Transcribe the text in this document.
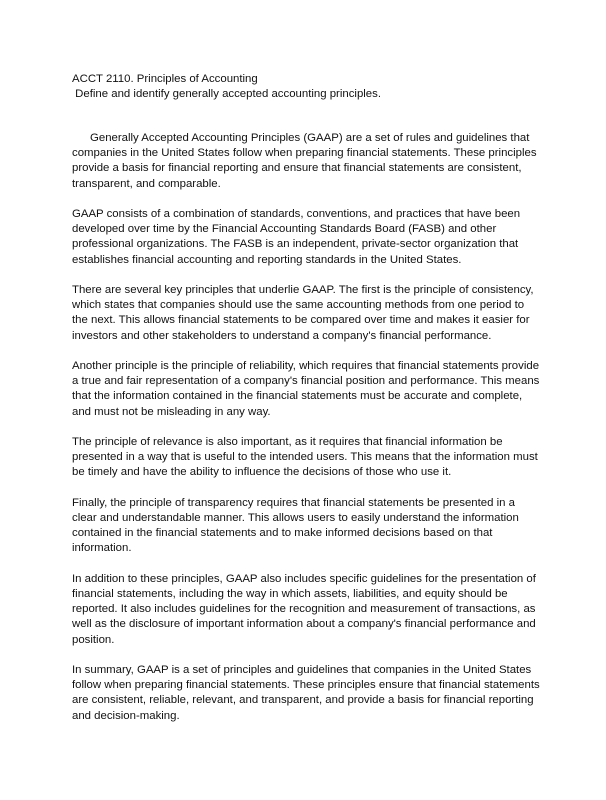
ACCT 2110. Principles of Accounting
Define and identify generally accepted accounting principles.

Generally Accepted Accounting Principles (GAAP) are a set of rules and guidelines that companies in the United States follow when preparing financial statements. These principles provide a basis for financial reporting and ensure that financial statements are consistent, transparent, and comparable.

GAAP consists of a combination of standards, conventions, and practices that have been developed over time by the Financial Accounting Standards Board (FASB) and other professional organizations. The FASB is an independent, private-sector organization that establishes financial accounting and reporting standards in the United States.

There are several key principles that underlie GAAP. The first is the principle of consistency, which states that companies should use the same accounting methods from one period to the next. This allows financial statements to be compared over time and makes it easier for investors and other stakeholders to understand a company's financial performance.

Another principle is the principle of reliability, which requires that financial statements provide a true and fair representation of a company's financial position and performance. This means that the information contained in the financial statements must be accurate and complete, and must not be misleading in any way.

The principle of relevance is also important, as it requires that financial information be presented in a way that is useful to the intended users. This means that the information must be timely and have the ability to influence the decisions of those who use it.

Finally, the principle of transparency requires that financial statements be presented in a clear and understandable manner. This allows users to easily understand the information contained in the financial statements and to make informed decisions based on that information.

In addition to these principles, GAAP also includes specific guidelines for the presentation of financial statements, including the way in which assets, liabilities, and equity should be reported. It also includes guidelines for the recognition and measurement of transactions, as well as the disclosure of important information about a company's financial performance and position.

In summary, GAAP is a set of principles and guidelines that companies in the United States follow when preparing financial statements. These principles ensure that financial statements are consistent, reliable, relevant, and transparent, and provide a basis for financial reporting and decision-making.
